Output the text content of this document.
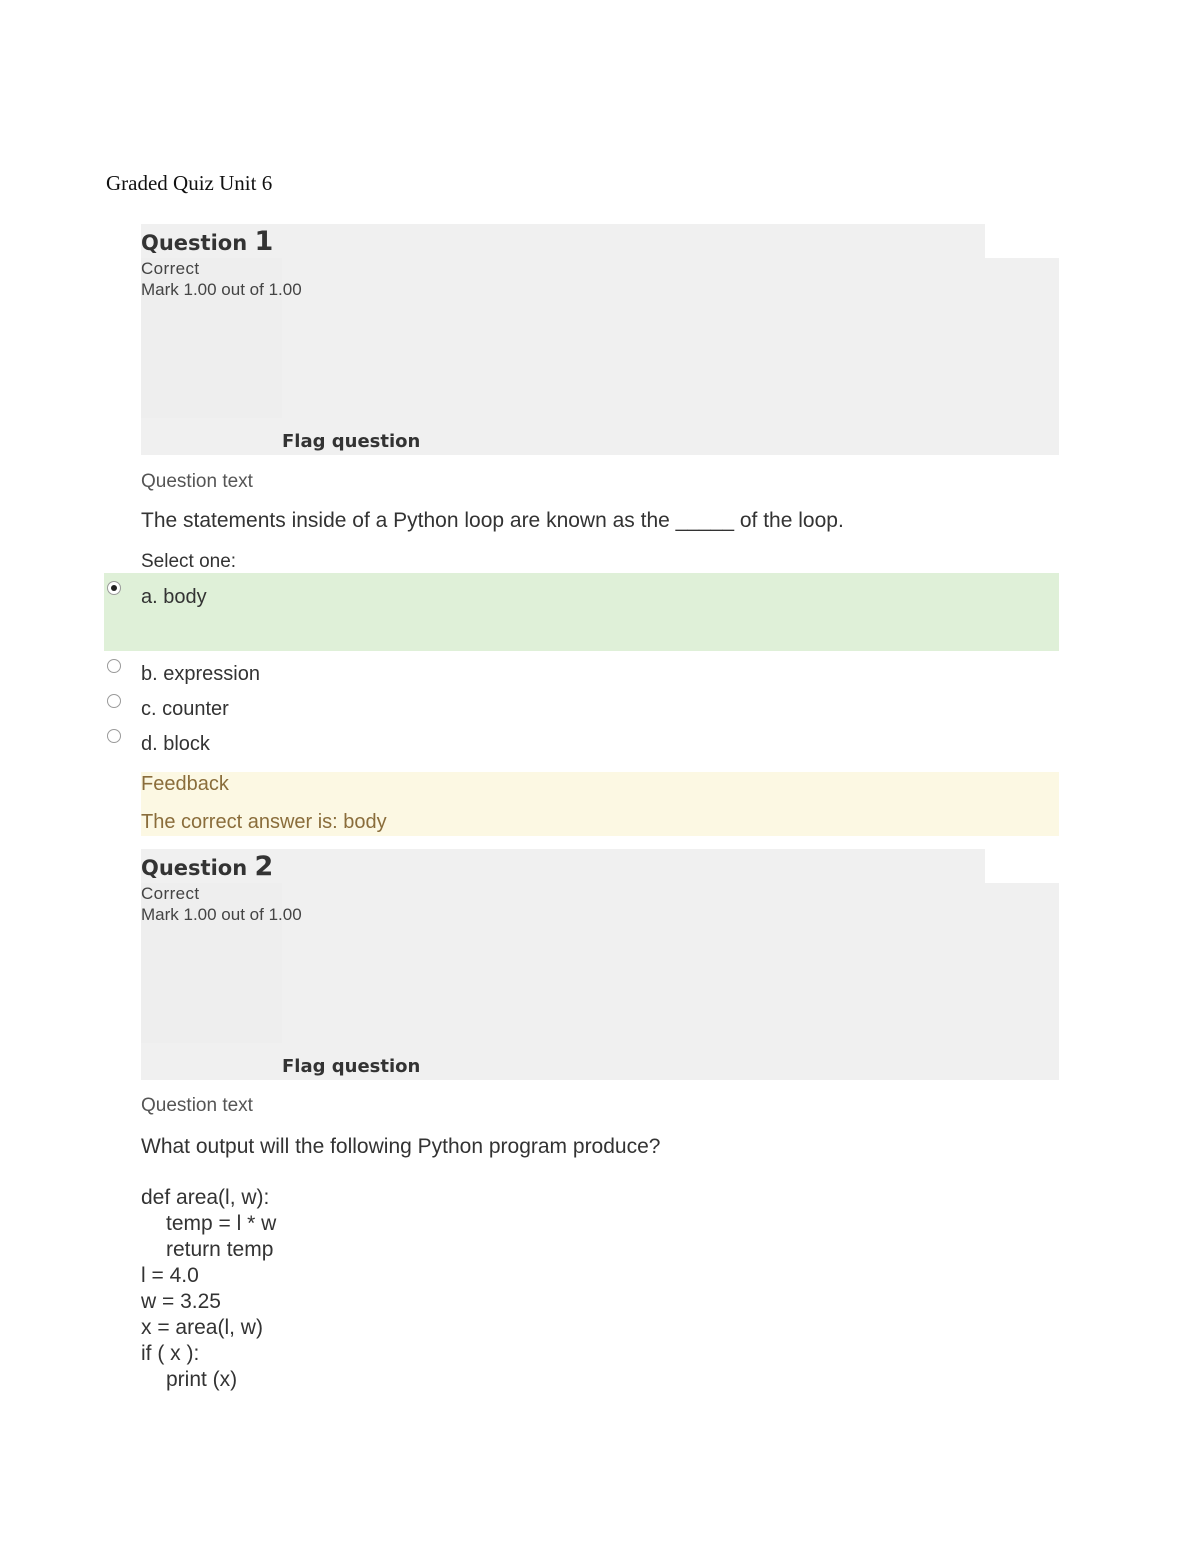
Graded Quiz Unit 6
Question 1
Correct
Mark 1.00 out of 1.00
Flag question
Question text
The statements inside of a Python loop are known as the _____ of the loop.
Select one:
a. body
b. expression
c. counter
d. block
Feedback
The correct answer is: body
Question 2
Correct
Mark 1.00 out of 1.00
Flag question
Question text
What output will the following Python program produce?
def area(l, w):
temp = l * w
return temp
l = 4.0
w = 3.25
x = area(l, w)
if ( x ):
print (x)
